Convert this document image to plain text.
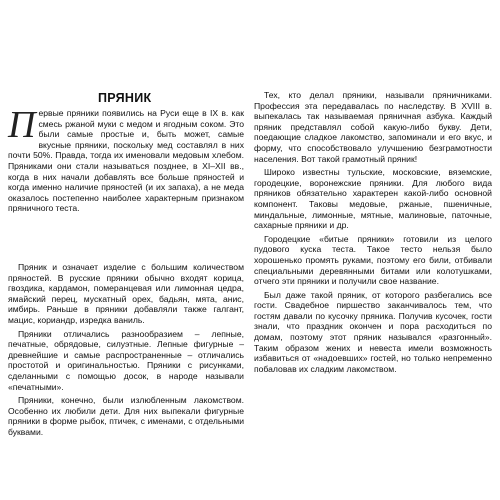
ПРЯНИК

Первые пряники появились на Руси еще в IX в. как смесь ржаной муки с медом и ягодным соком. Это были самые простые и, быть может, самые вкусные пряники, поскольку мед составлял в них почти 50%. Правда, тогда их именовали медовым хлебом. Пряниками они стали называться позднее, в XI–XII вв., когда в них начали добавлять все больше пряностей и когда именно наличие пряностей (и их запаха), а не меда оказалось постепенно наиболее характерным признаком пряничного теста.

Пряник и означает изделие с большим количеством пряностей. В русские пряники обычно входят корица, гвоздика, кардамон, померанцевая или лимонная цедра, ямайский перец, мускатный орех, бадьян, мята, анис, имбирь. Раньше в пряники добавляли также галгант, мацис, кориандр, изредка ваниль.

Пряники отличались разнообразием – лепные, печатные, обрядовые, силуэтные. Лепные фигурные – древнейшие и самые распространенные – отличались простотой и оригинальностью. Пряники с рисунками, сделанными с помощью досок, в народе называли «печатными».

Пряники, конечно, были излюбленным лакомством. Особенно их любили дети. Для них выпекали фигурные пряники в форме рыбок, птичек, с именами, с отдельными буквами.

Тех, кто делал пряники, называли пряничниками. Профессия эта передавалась по наследству. В XVIII в. выпекалась так называемая пряничная азбука. Каждый пряник представлял собой какую-либо букву. Дети, поедающие сладкое лакомство, запоминали и его вкус, и форму, что способствовало улучшению безграмотности населения. Вот такой грамотный пряник!

Широко известны тульские, московские, вяземские, городецкие, воронежские пряники. Для любого вида пряников обязательно характерен какой-либо основной компонент. Таковы медовые, ржаные, пшеничные, миндальные, лимонные, мятные, малиновые, паточные, сахарные пряники и др.

Городецкие «битые пряники» готовили из целого пудового куска теста. Такое тесто нельзя было хорошенько промять руками, поэтому его били, отбивали специальными деревянными битами или колотушками, отчего эти пряники и получили свое название.

Был даже такой пряник, от которого разбегались все гости. Свадебное пиршество заканчивалось тем, что гостям давали по кусочку пряника. Получив кусочек, гости знали, что праздник окончен и пора расходиться по домам, поэтому этот пряник назывался «разгонный». Таким образом жених и невеста имели возможность избавиться от «надоевших» гостей, но только непременно побаловав их сладким лакомством.
